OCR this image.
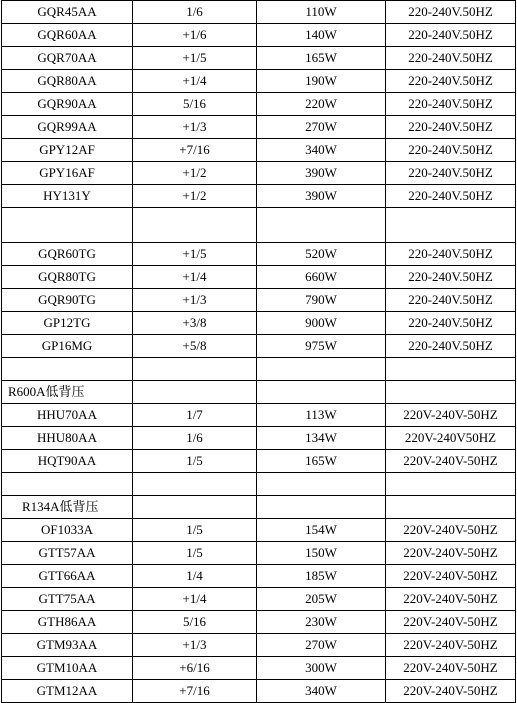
GQR45AA	1/6	110W	220-240V.50HZ
GQR60AA	+1/6	140W	220-240V.50HZ
GQR70AA	+1/5	165W	220-240V.50HZ
GQR80AA	+1/4	190W	220-240V.50HZ
GQR90AA	5/16	220W	220-240V.50HZ
GQR99AA	+1/3	270W	220-240V.50HZ
GPY12AF	+7/16	340W	220-240V.50HZ
GPY16AF	+1/2	390W	220-240V.50HZ
HY131Y	+1/2	390W	220-240V.50HZ

GQR60TG	+1/5	520W	220-240V.50HZ
GQR80TG	+1/4	660W	220-240V.50HZ
GQR90TG	+1/3	790W	220-240V.50HZ
GP12TG	+3/8	900W	220-240V.50HZ
GP16MG	+5/8	975W	220-240V.50HZ

R600A低背压			
HHU70AA	1/7	113W	220V-240V-50HZ
HHU80AA	1/6	134W	220V-240V50HZ
HQT90AA	1/5	165W	220V-240V-50HZ

R134A低背压			
OF1033A	1/5	154W	220V-240V-50HZ
GTT57AA	1/5	150W	220V-240V-50HZ
GTT66AA	1/4	185W	220V-240V-50HZ
GTT75AA	+1/4	205W	220V-240V-50HZ
GTH86AA	5/16	230W	220V-240V-50HZ
GTM93AA	+1/3	270W	220V-240V-50HZ
GTM10AA	+6/16	300W	220V-240V-50HZ
GTM12AA	+7/16	340W	220V-240V-50HZ
